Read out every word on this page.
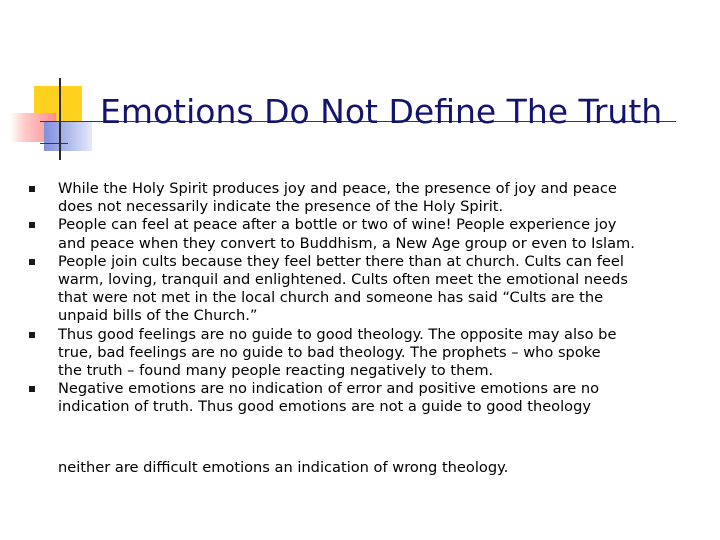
Emotions Do Not Define The Truth
While the Holy Spirit produces joy and peace, the presence of joy and peace
does not necessarily indicate the presence of the Holy Spirit.
People can feel at peace after a bottle or two of wine! People experience joy
and peace when they convert to Buddhism, a New Age group or even to Islam.
People join cults because they feel better there than at church. Cults can feel
warm, loving, tranquil and enlightened. Cults often meet the emotional needs
that were not met in the local church and someone has said “Cults are the
unpaid bills of the Church.”
Thus good feelings are no guide to good theology. The opposite may also be
true, bad feelings are no guide to bad theology. The prophets – who spoke
the truth – found many people reacting negatively to them.
Negative emotions are no indication of error and positive emotions are no
indication of truth. Thus good emotions are not a guide to good theology

neither are difficult emotions an indication of wrong theology.
